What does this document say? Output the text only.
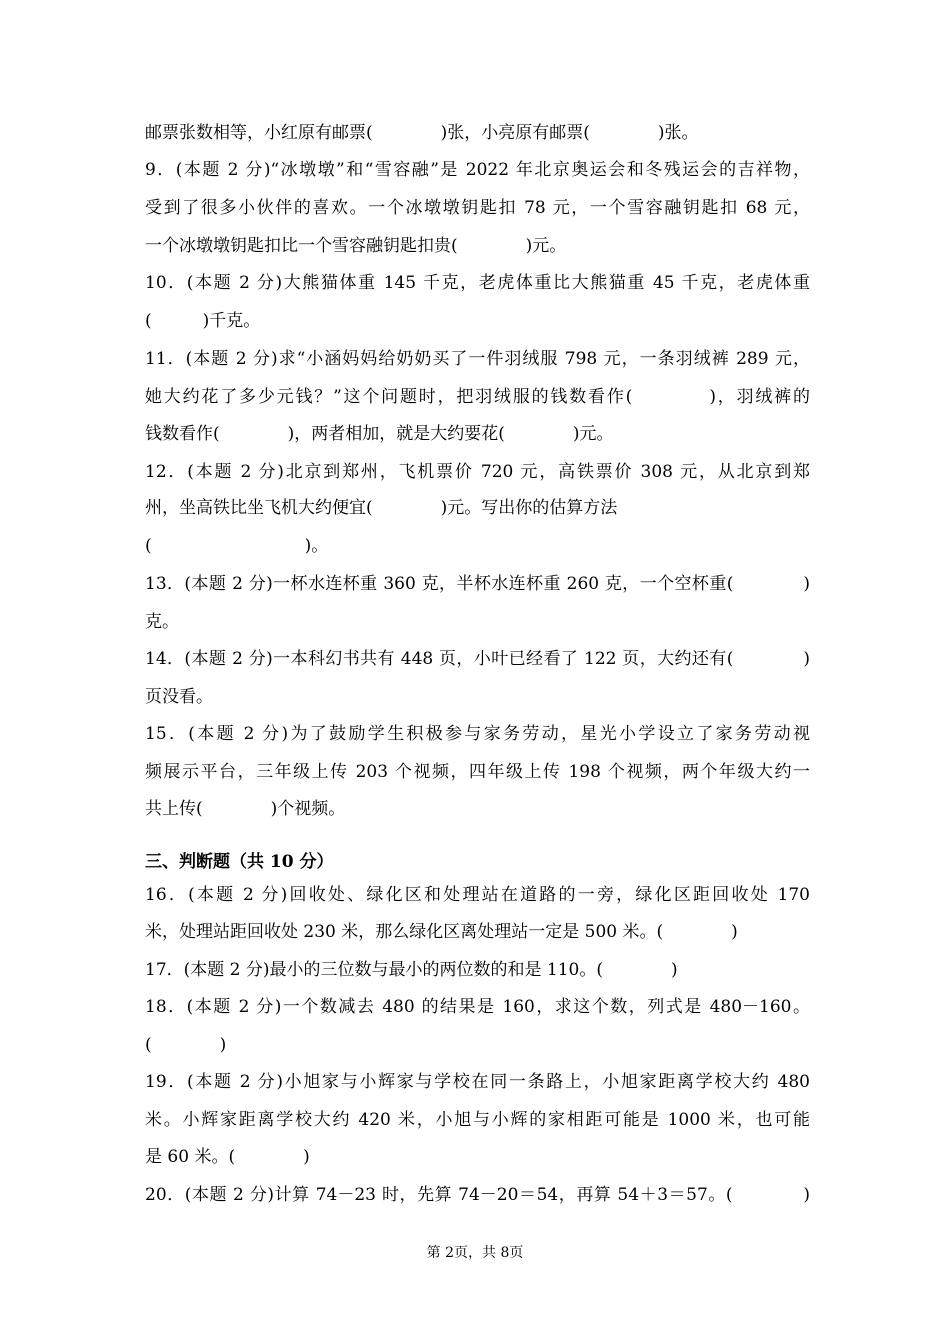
邮票张数相等，小红原有邮票(　　　　)张，小亮原有邮票(　　　　)张。
9．(本题 2 分)“冰墩墩”和“雪容融”是 2022 年北京奥运会和冬残运会的吉祥物，
受到了很多小伙伴的喜欢。一个冰墩墩钥匙扣 78 元，一个雪容融钥匙扣 68 元，
一个冰墩墩钥匙扣比一个雪容融钥匙扣贵(　　　　)元。
10．(本题 2 分)大熊猫体重 145 千克，老虎体重比大熊猫重 45 千克，老虎体重
(　　　)千克。
11．(本题 2 分)求“小涵妈妈给奶奶买了一件羽绒服 798 元，一条羽绒裤 289 元，
她大约花了多少元钱？”这个问题时，把羽绒服的钱数看作(　　　　)，羽绒裤的
钱数看作(　　　　)，两者相加，就是大约要花(　　　　)元。
12．(本题 2 分)北京到郑州，飞机票价 720 元，高铁票价 308 元，从北京到郑
州，坐高铁比坐飞机大约便宜(　　　　)元。写出你的估算方法
(　　　　　　　　　)。
13．(本题 2 分)一杯水连杯重 360 克，半杯水连杯重 260 克，一个空杯重(　　　　)
克。
14．(本题 2 分)一本科幻书共有 448 页，小叶已经看了 122 页，大约还有(　　　　)
页没看。
15．(本题 2 分)为了鼓励学生积极参与家务劳动，星光小学设立了家务劳动视
频展示平台，三年级上传 203 个视频，四年级上传 198 个视频，两个年级大约一
共上传(　　　　)个视频。
三、判断题（共 10 分）
16．(本题 2 分)回收处、绿化区和处理站在道路的一旁，绿化区距回收处 170
米，处理站距回收处 230 米，那么绿化区离处理站一定是 500 米。(　　　　)
17．(本题 2 分)最小的三位数与最小的两位数的和是 110。(　　　　)
18．(本题 2 分)一个数减去 480 的结果是 160，求这个数，列式是 480－160。
(　　　　)
19．(本题 2 分)小旭家与小辉家与学校在同一条路上，小旭家距离学校大约 480
米。小辉家距离学校大约 420 米，小旭与小辉的家相距可能是 1000 米，也可能
是 60 米。(　　　　)
20．(本题 2 分)计算 74－23 时，先算 74－20＝54，再算 54＋3＝57。(　　　　)
第 2页，共 8页
